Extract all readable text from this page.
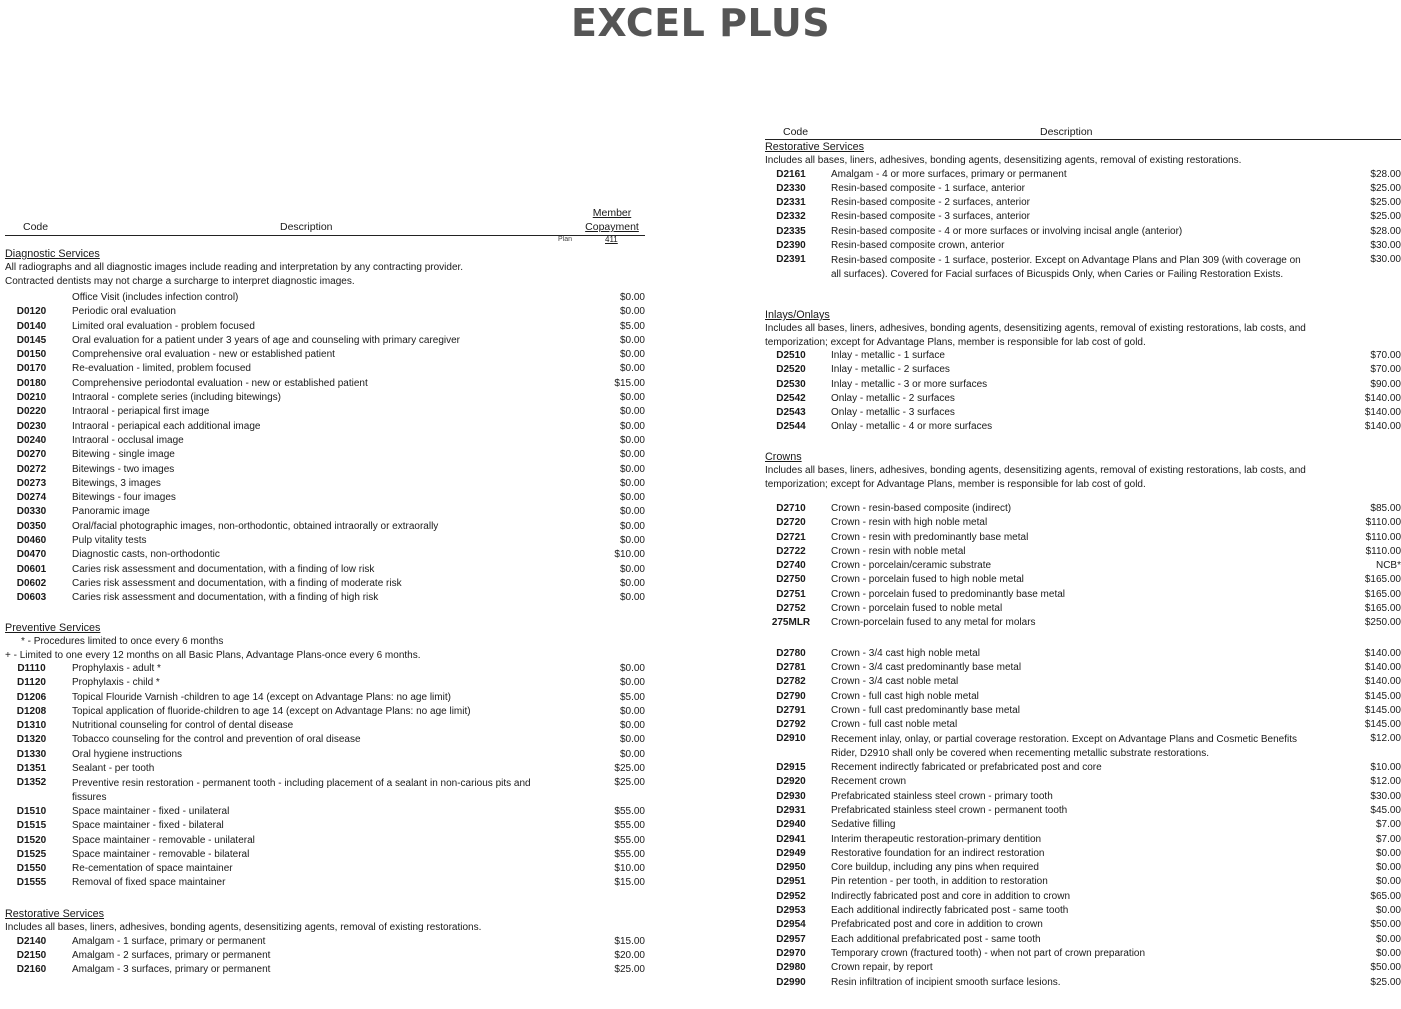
EXCEL PLUS
Code	Description
Member
Copayment
Plan	411

Diagnostic Services

All radiographs and all diagnostic images include reading and interpretation by any contracting provider.
Contracted dentists may not charge a surcharge to interpret diagnostic images.
Office Visit (includes infection control)	$0.00
D0120	Periodic oral evaluation	$0.00
D0140	Limited oral evaluation - problem focused	$5.00
D0145	Oral evaluation for a patient under 3 years of age and counseling with primary caregiver	$0.00
D0150	Comprehensive oral evaluation - new or established patient	$0.00
D0170	Re-evaluation - limited, problem focused	$0.00
D0180	Comprehensive periodontal evaluation - new or established patient	$15.00
D0210	Intraoral - complete series (including bitewings)	$0.00
D0220	Intraoral - periapical first image	$0.00
D0230	Intraoral - periapical each additional image	$0.00
D0240	Intraoral - occlusal image	$0.00
D0270	Bitewing - single image	$0.00
D0272	Bitewings - two images	$0.00
D0273	Bitewings, 3 images	$0.00
D0274	Bitewings - four images	$0.00
D0330	Panoramic image	$0.00
D0350	Oral/facial photographic images, non-orthodontic, obtained intraorally or extraorally	$0.00
D0460	Pulp vitality tests	$0.00
D0470	Diagnostic casts, non-orthodontic	$10.00
D0601	Caries risk assessment and documentation, with a finding of low risk	$0.00
D0602	Caries risk assessment and documentation, with a finding of moderate risk	$0.00
D0603	Caries risk assessment and documentation, with a finding of high risk	$0.00

Preventive Services

* - Procedures limited to once every 6 months
+ - Limited to one every 12 months on all Basic Plans, Advantage Plans-once every 6 months.
D1110	Prophylaxis - adult *	$0.00
D1120	Prophylaxis - child *	$0.00
D1206	Topical Flouride Varnish -children to age 14 (except on Advantage Plans: no age limit)	$5.00
D1208	Topical application of fluoride-children to age 14 (except on Advantage Plans: no age limit)	$0.00
D1310	Nutritional counseling for control of dental disease	$0.00
D1320	Tobacco counseling for the control and prevention of oral disease	$0.00
D1330	Oral hygiene instructions	$0.00
D1351	Sealant - per tooth	$25.00
D1352	Preventive resin restoration - permanent tooth - including placement of a sealant in non-carious pits and fissures
$25.00
D1510	Space maintainer - fixed - unilateral	$55.00
D1515	Space maintainer - fixed - bilateral	$55.00
D1520	Space maintainer - removable - unilateral	$55.00
D1525	Space maintainer - removable - bilateral	$55.00
D1550	Re-cementation of space maintainer	$10.00
D1555	Removal of fixed space maintainer	$15.00

Restorative Services

Includes all bases, liners, adhesives, bonding agents, desensitizing agents, removal of existing restorations.
D2140	Amalgam - 1 surface, primary or permanent	$15.00
D2150	Amalgam - 2 surfaces, primary or permanent	$20.00
D2160	Amalgam - 3 surfaces, primary or permanent	$25.00
Code	Description

Restorative Services

Includes all bases, liners, adhesives, bonding agents, desensitizing agents, removal of existing restorations.
D2161	Amalgam - 4 or more surfaces, primary or permanent	$28.00
D2330	Resin-based composite - 1 surface, anterior	$25.00
D2331	Resin-based composite - 2 surfaces, anterior	$25.00
D2332	Resin-based composite - 3 surfaces, anterior	$25.00
D2335	Resin-based composite - 4 or more surfaces or involving incisal angle (anterior)	$28.00
D2390	Resin-based composite crown, anterior	$30.00
D2391	Resin-based composite - 1 surface, posterior. Except on Advantage Plans and Plan 309 (with coverage on all surfaces). Covered for Facial surfaces of Bicuspids Only, when Caries or Failing Restoration Exists.
$30.00

Inlays/Onlays

Includes all bases, liners, adhesives, bonding agents, desensitizing agents, removal of existing restorations, lab costs, and temporization; except for Advantage Plans, member is responsible for lab cost of gold.
D2510	Inlay - metallic - 1 surface	$70.00
D2520	Inlay - metallic - 2 surfaces	$70.00
D2530	Inlay - metallic - 3 or more surfaces	$90.00
D2542	Onlay - metallic - 2 surfaces	$140.00
D2543	Onlay - metallic - 3 surfaces	$140.00
D2544	Onlay - metallic - 4 or more surfaces	$140.00

Crowns

Includes all bases, liners, adhesives, bonding agents, desensitizing agents, removal of existing restorations, lab costs, and temporization; except for Advantage Plans, member is responsible for lab cost of gold.
D2710	Crown - resin-based composite (indirect)	$85.00
D2720	Crown - resin with high noble metal	$110.00
D2721	Crown - resin with predominantly base metal	$110.00
D2722	Crown - resin with noble metal	$110.00
D2740	Crown - porcelain/ceramic substrate	NCB*
D2750	Crown - porcelain fused to high noble metal	$165.00
D2751	Crown - porcelain fused to predominantly base metal	$165.00
D2752	Crown - porcelain fused to noble metal	$165.00
275MLR	Crown-porcelain fused to any metal for molars	$250.00
D2780	Crown - 3/4 cast high noble metal	$140.00
D2781	Crown - 3/4 cast predominantly base metal	$140.00
D2782	Crown - 3/4 cast noble metal	$140.00
D2790	Crown - full cast high noble metal	$145.00
D2791	Crown - full cast predominantly base metal	$145.00
D2792	Crown - full cast noble metal	$145.00
D2910	Recement inlay, onlay, or partial coverage restoration. Except on Advantage Plans and Cosmetic Benefits Rider, D2910 shall only be covered when recementing metallic substrate restorations.
$12.00
D2915	Recement indirectly fabricated or prefabricated post and core	$10.00
D2920	Recement crown	$12.00
D2930	Prefabricated stainless steel crown - primary tooth	$30.00
D2931	Prefabricated stainless steel crown - permanent tooth	$45.00
D2940	Sedative filling	$7.00
D2941	Interim therapeutic restoration-primary dentition	$7.00
D2949	Restorative foundation for an indirect restoration	$0.00
D2950	Core buildup, including any pins when required	$0.00
D2951	Pin retention - per tooth, in addition to restoration	$0.00
D2952	Indirectly fabricated post and core in addition to crown	$65.00
D2953	Each additional indirectly fabricated post - same tooth	$0.00
D2954	Prefabricated post and core in addition to crown	$50.00
D2957	Each additional prefabricated post - same tooth	$0.00
D2970	Temporary crown (fractured tooth) - when not part of crown preparation	$0.00
D2980	Crown repair, by report	$50.00
D2990	Resin infiltration of incipient smooth surface lesions.	$25.00
